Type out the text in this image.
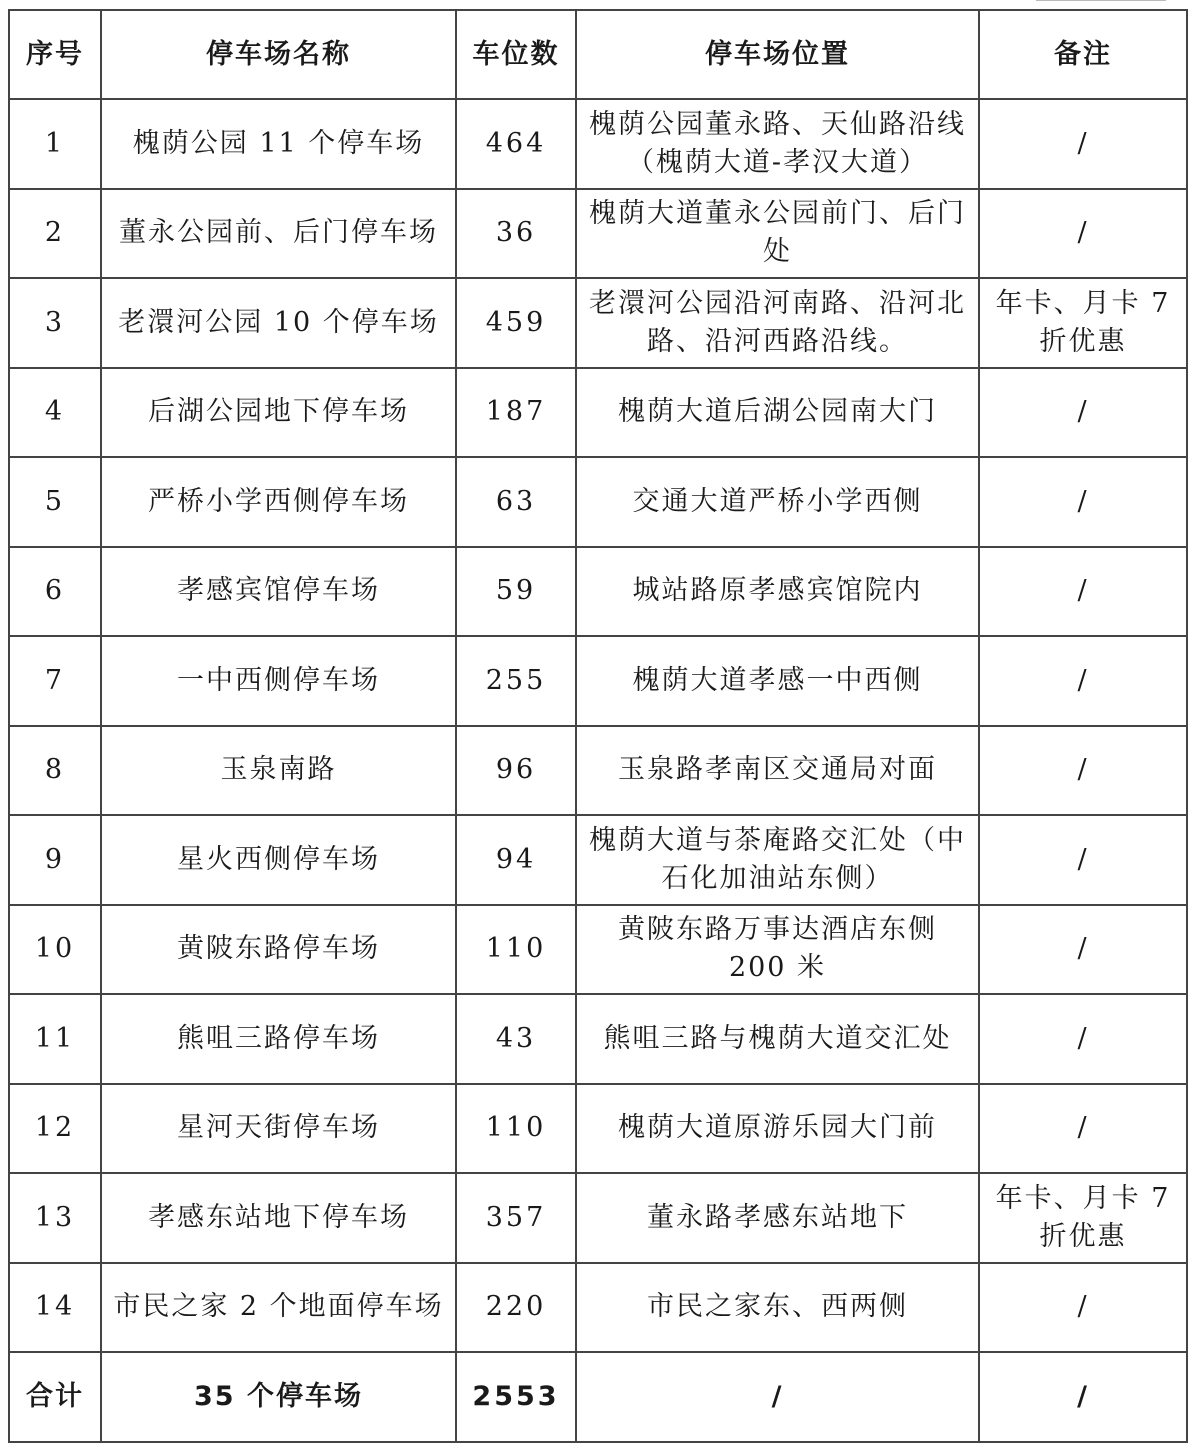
序号	停车场名称	车位数	停车场位置	备注
1	槐荫公园 11 个停车场	464	槐荫公园董永路、天仙路沿线（槐荫大道-孝汉大道）	/
2	董永公园前、后门停车场	36	槐荫大道董永公园前门、后门处	/
3	老澴河公园 10 个停车场	459	老澴河公园沿河南路、沿河北路、沿河西路沿线。	年卡、月卡 7 折优惠
4	后湖公园地下停车场	187	槐荫大道后湖公园南大门	/
5	严桥小学西侧停车场	63	交通大道严桥小学西侧	/
6	孝感宾馆停车场	59	城站路原孝感宾馆院内	/
7	一中西侧停车场	255	槐荫大道孝感一中西侧	/
8	玉泉南路	96	玉泉路孝南区交通局对面	/
9	星火西侧停车场	94	槐荫大道与茶庵路交汇处（中石化加油站东侧）	/
10	黄陂东路停车场	110	黄陂东路万事达酒店东侧 200 米	/
11	熊咀三路停车场	43	熊咀三路与槐荫大道交汇处	/
12	星河天街停车场	110	槐荫大道原游乐园大门前	/
13	孝感东站地下停车场	357	董永路孝感东站地下	年卡、月卡 7 折优惠
14	市民之家 2 个地面停车场	220	市民之家东、西两侧	/
合计	35 个停车场	2553	/	/
